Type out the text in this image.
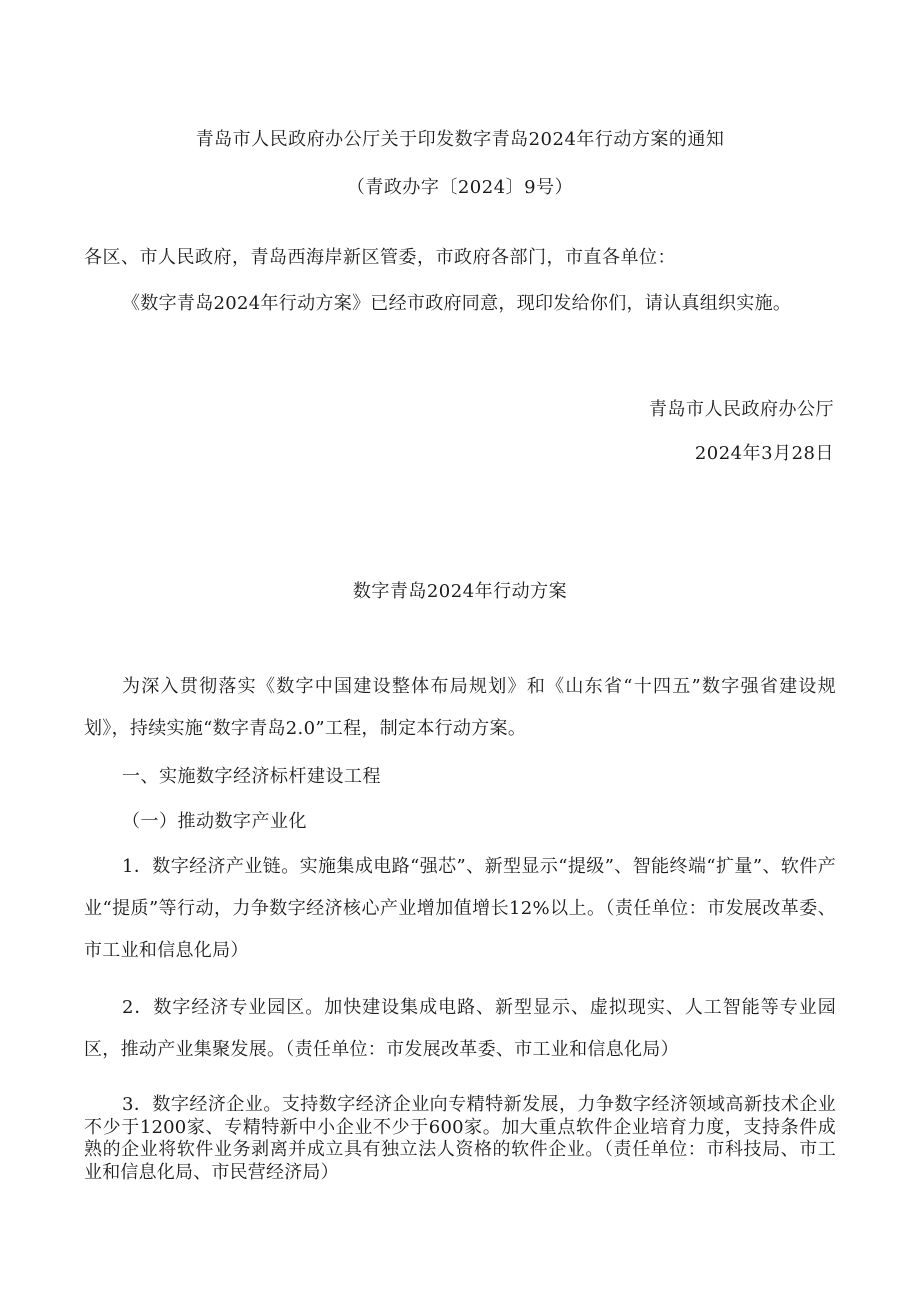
青岛市人民政府办公厅关于印发数字青岛2024年行动方案的通知
（青政办字〔2024〕9号）
各区、市人民政府，青岛西海岸新区管委，市政府各部门，市直各单位：
《数字青岛2024年行动方案》已经市政府同意，现印发给你们，请认真组织实施。
青岛市人民政府办公厅
2024年3月28日
数字青岛2024年行动方案
为深入贯彻落实《数字中国建设整体布局规划》和《山东省“十四五”数字强省建设规划》，持续实施“数字青岛2.0”工程，制定本行动方案。
一、实施数字经济标杆建设工程
（一）推动数字产业化
1．数字经济产业链。实施集成电路“强芯”、新型显示“提级”、智能终端“扩量”、软件产业“提质”等行动，力争数字经济核心产业增加值增长12%以上。（责任单位：市发展改革委、市工业和信息化局）
2．数字经济专业园区。加快建设集成电路、新型显示、虚拟现实、人工智能等专业园区，推动产业集聚发展。（责任单位：市发展改革委、市工业和信息化局）
3．数字经济企业。支持数字经济企业向专精特新发展，力争数字经济领域高新技术企业不少于1200家、专精特新中小企业不少于600家。加大重点软件企业培育力度，支持条件成熟的企业将软件业务剥离并成立具有独立法人资格的软件企业。（责任单位：市科技局、市工业和信息化局、市民营经济局）
